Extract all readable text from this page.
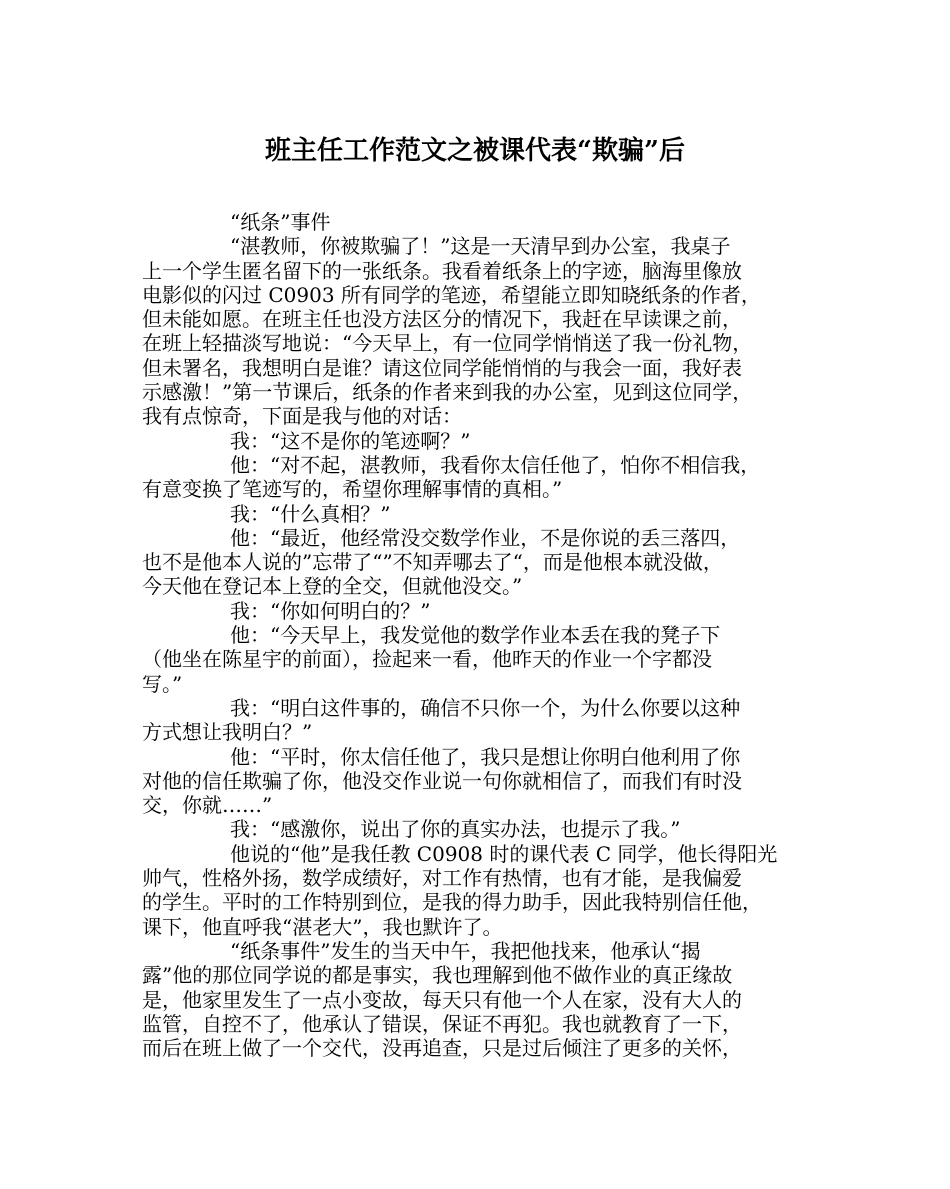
班主任工作范文之被课代表“欺骗”后
“纸条”事件
“湛教师，你被欺骗了！”这是一天清早到办公室，我桌子
上一个学生匿名留下的一张纸条。我看着纸条上的字迹，脑海里像放
电影似的闪过 C0903 所有同学的笔迹，希望能立即知晓纸条的作者，
但未能如愿。在班主任也没方法区分的情况下，我赶在早读课之前，
在班上轻描淡写地说：“今天早上，有一位同学悄悄送了我一份礼物，
但未署名，我想明白是谁？请这位同学能悄悄的与我会一面，我好表
示感激！”第一节课后，纸条的作者来到我的办公室，见到这位同学，
我有点惊奇，下面是我与他的对话：
我：“这不是你的笔迹啊？”
他：“对不起，湛教师，我看你太信任他了，怕你不相信我，
有意变换了笔迹写的，希望你理解事情的真相。”
我：“什么真相？”
他：“最近，他经常没交数学作业，不是你说的丢三落四，
也不是他本人说的”忘带了“”不知弄哪去了“，而是他根本就没做，
今天他在登记本上登的全交，但就他没交。”
我：“你如何明白的？”
他：“今天早上，我发觉他的数学作业本丢在我的凳子下
（他坐在陈星宇的前面），捡起来一看，他昨天的作业一个字都没
写。”
我：“明白这件事的，确信不只你一个，为什么你要以这种
方式想让我明白？”
他：“平时，你太信任他了，我只是想让你明白他利用了你
对他的信任欺骗了你，他没交作业说一句你就相信了，而我们有时没
交，你就……”
我：“感激你，说出了你的真实办法，也提示了我。”
他说的“他”是我任教 C0908 时的课代表 C 同学，他长得阳光
帅气，性格外扬，数学成绩好，对工作有热情，也有才能，是我偏爱
的学生。平时的工作特别到位，是我的得力助手，因此我特别信任他，
课下，他直呼我“湛老大”，我也默许了。
“纸条事件”发生的当天中午，我把他找来，他承认“揭
露”他的那位同学说的都是事实，我也理解到他不做作业的真正缘故
是，他家里发生了一点小变故，每天只有他一个人在家，没有大人的
监管，自控不了，他承认了错误，保证不再犯。我也就教育了一下，
而后在班上做了一个交代，没再追查，只是过后倾注了更多的关怀，
